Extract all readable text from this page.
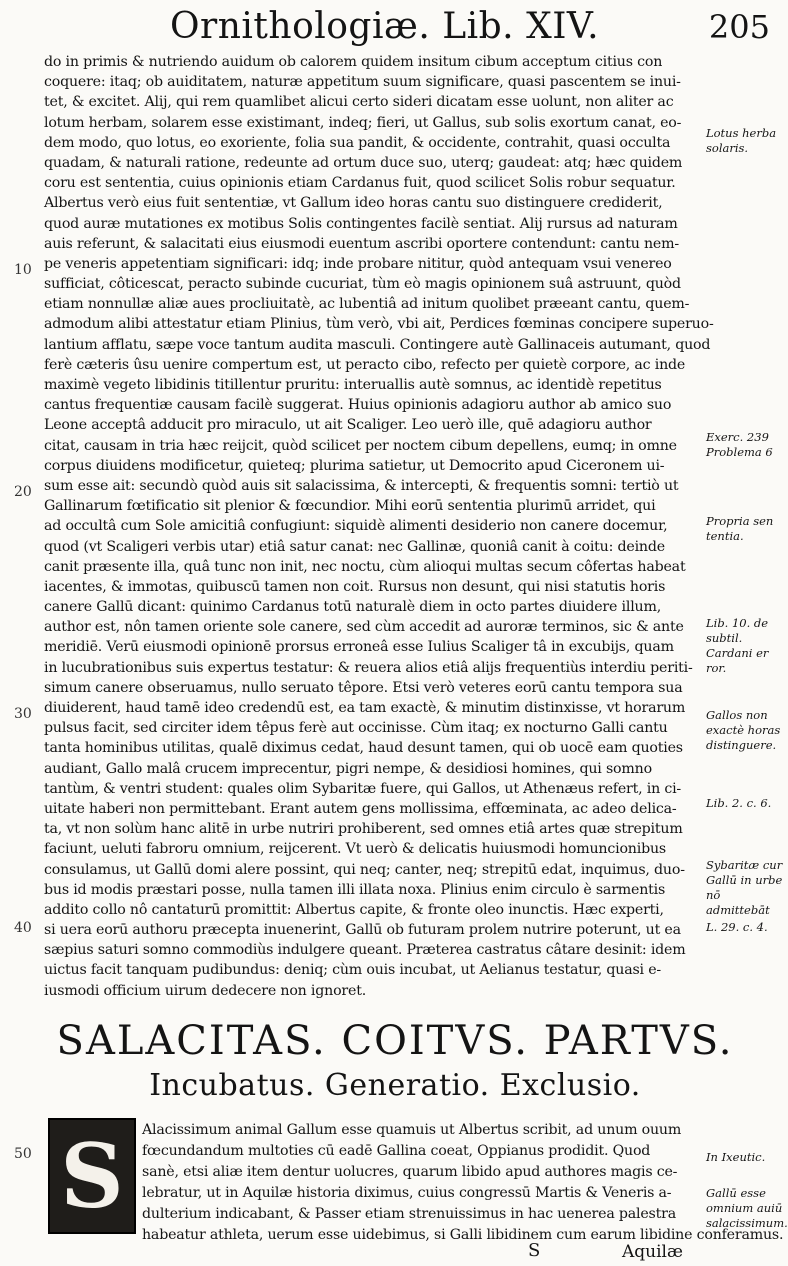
Ornithologiæ. Lib. XIV.	205
do in primis & nutriendo auidum ob calorem quidem insitum cibum acceptum citius con
coquere: itaq; ob auiditatem, naturæ appetitum suum significare, quasi pascentem se inui-
tet, & excitet. Alij, qui rem quamlibet alicui certo sideri dicatam esse uolunt, non aliter ac
lotum herbam, solarem esse existimant, indeq; fieri, ut Gallus, sub solis exortum canat, eo-
dem modo, quo lotus, eo exoriente, folia sua pandit, & occidente, contrahit, quasi occulta
quadam, & naturali ratione, redeunte ad ortum duce suo, uterq; gaudeat: atq; hæc quidem
coru est sententia, cuius opinionis etiam Cardanus fuit, quod scilicet Solis robur sequatur.
Albertus verò eius fuit sententiæ, vt Gallum ideo horas cantu suo distinguere crediderit,
quod auræ mutationes ex motibus Solis contingentes facilè sentiat. Alij rursus ad naturam
auis referunt, & salacitati eius eiusmodi euentum ascribi oportere contendunt: cantu nem-
pe veneris appetentiam significari: idq; inde probare nititur, quòd antequam vsui venereo
sufficiat, côticescat, peracto subinde cucuriat, tùm eò magis opinionem suâ astruunt, quòd
etiam nonnullæ aliæ aues procliuitatè, ac lubentiâ ad initum quolibet præeant cantu, quem-
admodum alibi attestatur etiam Plinius, tùm verò, vbi ait, Perdices fœminas concipere superuo-
lantium afflatu, sæpe voce tantum audita masculi. Contingere autè Gallinaceis autumant, quod
ferè cæteris ûsu uenire compertum est, ut peracto cibo, refecto per quietè corpore, ac inde
maximè vegeto libidinis titillentur pruritu: interuallis autè somnus, ac identidè repetitus
cantus frequentiæ causam facilè suggerat. Huius opinionis adagioru author ab amico suo
Leone acceptâ adducit pro miraculo, ut ait Scaliger. Leo uerò ille, quē adagioru author
citat, causam in tria hæc reijcit, quòd scilicet per noctem cibum depellens, eumq; in omne
corpus diuidens modificetur, quieteq; plurima satietur, ut Democrito apud Ciceronem ui-
sum esse ait: secundò quòd auis sit salacissima, & intercepti, & frequentis somni: tertiò ut
Gallinarum fœtificatio sit plenior & fœcundior. Mihi eorū sententia plurimū arridet, qui
ad occultâ cum Sole amicitiâ confugiunt: siquidè alimenti desiderio non canere docemur,
quod (vt Scaligeri verbis utar) etiâ satur canat: nec Gallinæ, quoniâ canit à coitu: deinde
canit præsente illa, quâ tunc non init, nec noctu, cùm alioqui multas secum côfertas habeat
iacentes, & immotas, quibuscū tamen non coit. Rursus non desunt, qui nisi statutis horis
canere Gallū dicant: quinimo Cardanus totū naturalè diem in octo partes diuidere illum,
author est, nôn tamen oriente sole canere, sed cùm accedit ad auroræ terminos, sic & ante
meridiē. Verū eiusmodi opinionē prorsus erroneâ esse Iulius Scaliger tâ in excubijs, quam
in lucubrationibus suis expertus testatur: & reuera alios etiâ alijs frequentiùs interdiu periti-
simum canere obseruamus, nullo seruato têpore. Etsi verò veteres eorū cantu tempora sua
diuiderent, haud tamē ideo credendū est, ea tam exactè, & minutim distinxisse, vt horarum
pulsus facit, sed circiter idem têpus ferè aut occinisse. Cùm itaq; ex nocturno Galli cantu
tanta hominibus utilitas, qualē diximus cedat, haud desunt tamen, qui ob uocē eam quoties
audiant, Gallo malâ crucem imprecentur, pigri nempe, & desidiosi homines, qui somno
tantùm, & ventri student: quales olim Sybaritæ fuere, qui Gallos, ut Athenæus refert, in ci-
uitate haberi non permittebant. Erant autem gens mollissima, effœminata, ac adeo delica-
ta, vt non solùm hanc alitē in urbe nutriri prohiberent, sed omnes etiâ artes quæ strepitum
faciunt, ueluti fabroru omnium, reijcerent. Vt uerò & delicatis huiusmodi homuncionibus
consulamus, ut Gallū domi alere possint, qui neq; canter, neq; strepitū edat, inquimus, duo-
bus id modis præstari posse, nulla tamen illi illata noxa. Plinius enim circulo è sarmentis
addito collo nô cantaturū promittit: Albertus capite, & fronte oleo inunctis. Hæc experti,
si uera eorū authoru præcepta inuenerint, Gallū ob futuram prolem nutrire poterunt, ut ea
sæpius saturi somno commodiùs indulgere queant. Præterea castratus câtare desinit: idem
uictus facit tanquam pudibundus: deniq; cùm ouis incubat, ut Aelianus testatur, quasi e-
iusmodi officium uirum dedecere non ignoret.
10
20
30
40
50
Lotus herba solaris.
Exerc. 239 Problema 6
Propria sen tentia.
Lib. 10. de subtil. Cardani er ror.
Gallos non exactè horas distinguere.
Lib. 2. c. 6.
Sybaritæ cur Gallū in urbe nō admittebāt
L. 29. c. 4.
In Ixeutic.
Gallū esse omnium auiū salacissimum.
SALACITAS. COITVS. PARTVS.
Incubatus. Generatio. Exclusio.
S Alacissimum animal Gallum esse quamuis ut Albertus scribit, ad unum ouum
fœcundandum multoties cū eadē Gallina coeat, Oppianus prodidit. Quod
sanè, etsi aliæ item dentur uolucres, quarum libido apud authores magis ce-
lebratur, ut in Aquilæ historia diximus, cuius congressū Martis & Veneris a-
dulterium indicabant, & Passer etiam strenuissimus in hac uenerea palestra
habeatur athleta, uerum esse uidebimus, si Galli libidinem cum earum libidine conferamus.
S	Aquilæ
